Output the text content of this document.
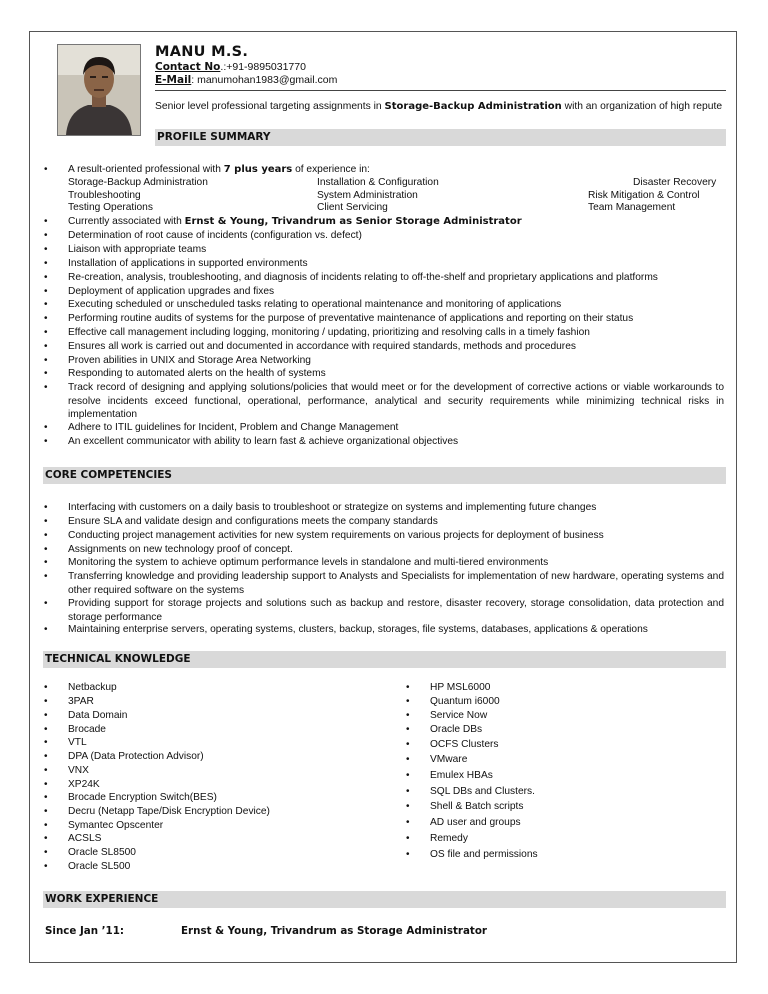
MANU M.S.
Contact No.:+91-9895031770
E-Mail: manumohan1983@gmail.com
Senior level professional targeting assignments in Storage-Backup Administration with an organization of high repute
PROFILE SUMMARY
• A result-oriented professional with 7 plus years of experience in:
Storage-Backup Administration
Troubleshooting
Testing Operations
Installation & Configuration
System Administration
Client Servicing
Disaster Recovery
Risk Mitigation & Control
Team Management
• Currently associated with Ernst & Young, Trivandrum as Senior Storage Administrator
• Determination of root cause of incidents (configuration vs. defect)
• Liaison with appropriate teams
• Installation of applications in supported environments
• Re-creation, analysis, troubleshooting, and diagnosis of incidents relating to off-the-shelf and proprietary applications and platforms
• Deployment of application upgrades and fixes
• Executing scheduled or unscheduled tasks relating to operational maintenance and monitoring of applications
• Performing routine audits of systems for the purpose of preventative maintenance of applications and reporting on their status
• Effective call management including logging, monitoring / updating, prioritizing and resolving calls in a timely fashion
• Ensures all work is carried out and documented in accordance with required standards, methods and procedures
• Proven abilities in UNIX and Storage Area Networking
• Responding to automated alerts on the health of systems
• Track record of designing and applying solutions/policies that would meet or for the development of corrective actions or viable workarounds to resolve incidents exceed functional, operational, performance, analytical and security requirements while minimizing technical risks in implementation
• Adhere to ITIL guidelines for Incident, Problem and Change Management
• An excellent communicator with ability to learn fast & achieve organizational objectives
CORE COMPETENCIES
• Interfacing with customers on a daily basis to troubleshoot or strategize on systems and implementing future changes
• Ensure SLA and validate design and configurations meets the company standards
• Conducting project management activities for new system requirements on various projects for deployment of business
• Assignments on new technology proof of concept.
• Monitoring the system to achieve optimum performance levels in standalone and multi-tiered environments
• Transferring knowledge and providing leadership support to Analysts and Specialists for implementation of new hardware, operating systems and other required software on the systems
• Providing support for storage projects and solutions such as backup and restore, disaster recovery, storage consolidation, data protection and storage performance
• Maintaining enterprise servers, operating systems, clusters, backup, storages, file systems, databases, applications & operations
TECHNICAL KNOWLEDGE
• Netbackup
• 3PAR
• Data Domain
• Brocade
• VTL
• DPA (Data Protection Advisor)
• VNX
• XP24K
• Brocade Encryption Switch(BES)
• Decru (Netapp Tape/Disk Encryption Device)
• Symantec Opscenter
• ACSLS
• Oracle SL8500
• Oracle SL500
• HP MSL6000
• Quantum i6000
• Service Now
• Oracle DBs
• OCFS Clusters
• VMware
• Emulex HBAs
• SQL DBs and Clusters.
• Shell & Batch scripts
• AD user and groups
• Remedy
• OS file and permissions
WORK EXPERIENCE
Since Jan ’11:	Ernst & Young, Trivandrum as Storage Administrator
